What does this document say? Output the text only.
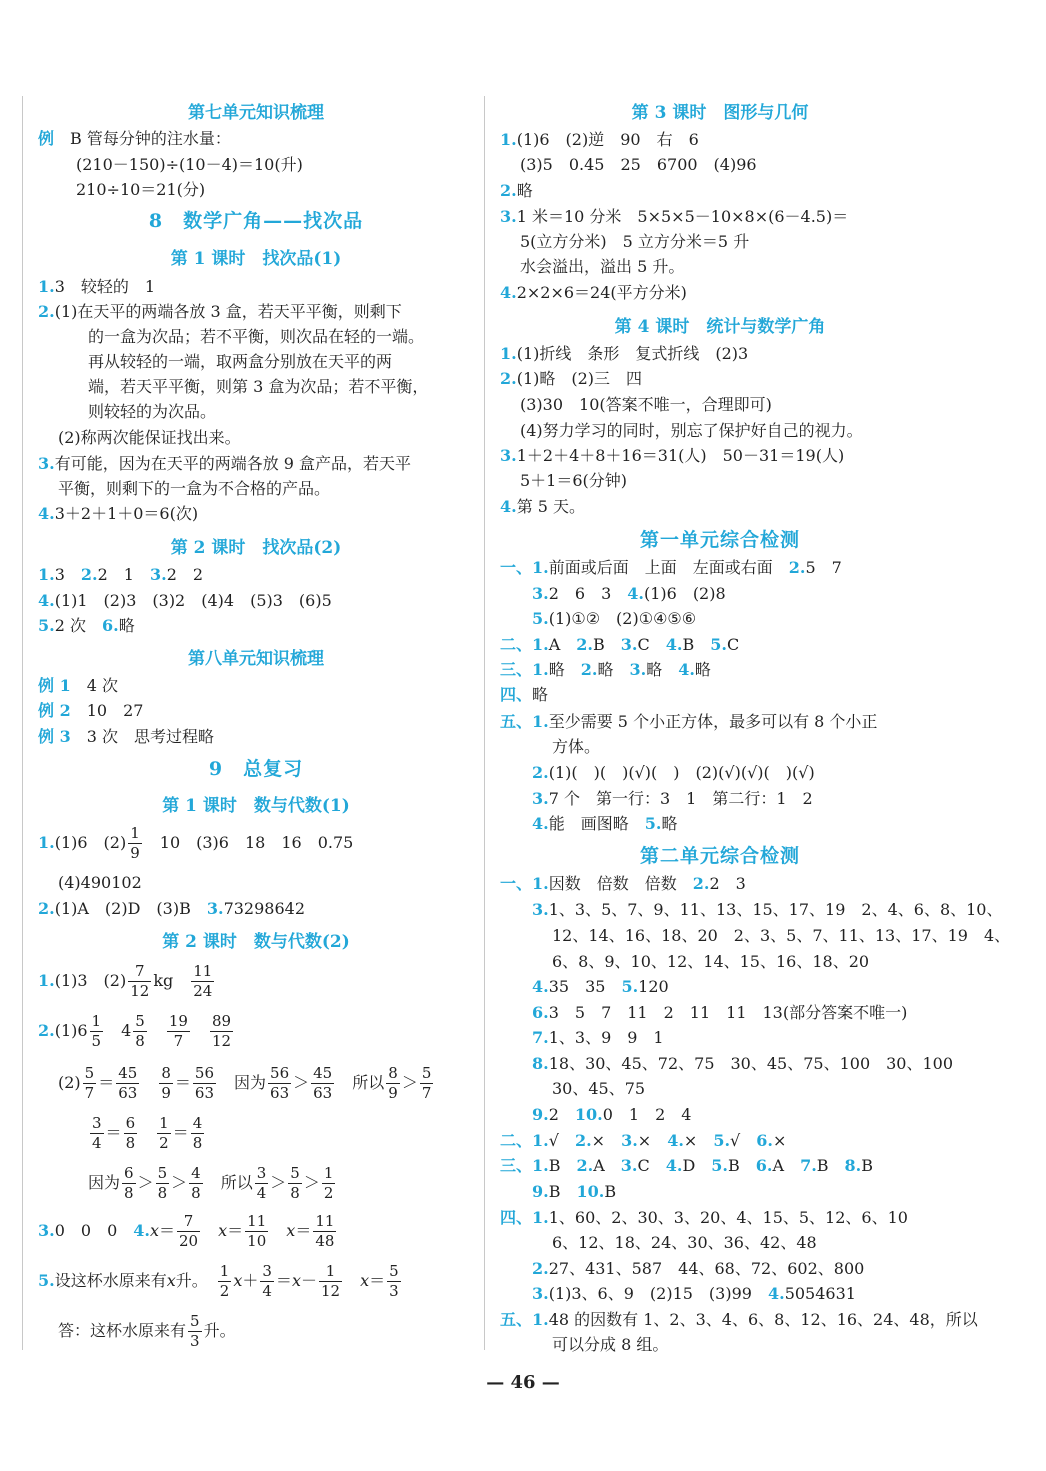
第七单元知识梳理
例　 B 管每分钟的注水量：
(210－150)÷(10－4)＝10(升)
210÷10＝21(分)
8　数学广角——找次品
第 1 课时　找次品(1)
1.3　较轻的　1
2.(1)在天平的两端各放 3 盒，若天平平衡，则剩下
的一盒为次品；若不平衡，则次品在轻的一端。
再从较轻的一端，取两盒分别放在天平的两
端，若天平平衡，则第 3 盒为次品；若不平衡，
则较轻的为次品。
(2)称两次能保证找出来。
3.有可能，因为在天平的两端各放 9 盒产品，若天平
平衡，则剩下的一盒为不合格的产品。
4.3＋2＋1＋0＝6(次)
第 2 课时　找次品(2)
1.3　 2.2　1　 3.2　2
4.(1)1　(2)3　(3)2　(4)4　(5)3　(6)5
5.2 次　 6.略
第八单元知识梳理
例 1　 4 次
例 2　 10　27
例 3　 3 次　思考过程略
9　总复习
第 1 课时　数与代数(1)
1.(1)6　$(2) \frac{1}{9}$ 　10　(3)6　18　16　0.75
(4)490102
2.(1)A　(2)D　(3)B　 3.73298642
第 2 课时　数与代数(2)
1.(1)3　$(2) \frac{7}{12}$ kg　 $\frac{11}{24}$
$2.(1)6 \frac{1}{5}$
　 $4 \frac{5}{8}$
　 $\frac{19}{7}$
　 $\frac{89}{12}$
$(2) \frac{5}{7} = \frac{45}{63}$
　 $\frac{8}{9} = \frac{56}{63}$
　 因为 $\frac{56}{63} > \frac{45}{63}$
　 所以 $\frac{8}{9} > \frac{5}{7}$
$\frac{3}{4} = \frac{6}{8}$
　 $\frac{1}{2} = \frac{4}{8}$
因为 $\frac{6}{8} > \frac{5}{8} > \frac{4}{8}$
　 所以 $\frac{3}{4} > \frac{5}{8} > \frac{1}{2}$
3.0　0　0　 $4.x= \frac{7}{20}$
　 $x= \frac{11}{10}$
　 $x= \frac{11}{48}$
5.设这杯水原来有x升。　 $\frac{1}{2} x+ \frac{3}{4} =x- \frac{1}{12}$
　 $x= \frac{5}{3}$
答：这杯水原来有 $\frac{5}{3}$ 升。
第 3 课时　图形与几何
1.(1)6　(2)逆　90　右　6
(3)5　0.45　25　6700　(4)96
2.略
3.1 米＝10 分米　5×5×5－10×8×(6－4.5)＝
5(立方分米)　5 立方分米＝5 升
水会溢出，溢出 5 升。
4.2×2×6＝24(平方分米)
第 4 课时　统计与数学广角
1.(1)折线　条形　复式折线　(2)3
2.(1)略　(2)三　四
(3)30　10(答案不唯一，合理即可)
(4)努力学习的同时，别忘了保护好自己的视力。
3.1＋2＋4＋8＋16＝31(人)　50－31＝19(人)
5＋1＝6(分钟)
4.第 5 天。
第一单元综合检测
一、1.前面或后面　上面　左面或右面　 2.5　7
3.2　6　3　 4.(1)6　(2)8
5.(1)①②　(2)①④⑤⑥
二、1.A　 2.B　 3.C　 4.B　 5.C
三、1.略　 2.略　 3.略　 4.略
四、略
五、1.至少需要 5 个小正方体，最多可以有 8 个小正
方体。
2.(1)(　)(　)(√)(　)　(2)(√)(√)(　)(√)
3.7 个　第一行：3　1　第二行：1　2
4.能　画图略　 5.略
第二单元综合检测
一、1.因数　倍数　倍数　 2.2　3
3.1、3、5、7、9、11、13、15、17、19　2、4、6、8、10、
12、14、16、18、20　2、3、5、7、11、13、17、19　4、
6、8、9、10、12、14、15、16、18、20
4.35　35　 5.120
6.3　5　7　11　2　11　11　13(部分答案不唯一)
7.1、3、9　9　1
8.18、30、45、72、75　30、45、75、100　30、100
30、45、75
9.2　 10.0　1　2　4
二、1.√　 2.×　 3.×　 4.×　 5.√　 6.×
三、1.B　 2.A　 3.C　 4.D　 5.B　 6.A　 7.B　 8.B
9.B　 10.B
四、1.1、60、2、30、3、20、4、15、5、12、6、10
6、12、18、24、30、36、42、48
2.27、431、587　44、68、72、602、800
3.(1)3、6、9　(2)15　(3)99　 4.5054631
五、1.48 的因数有 1、2、3、4、6、8、12、16、24、48，所以
可以分成 8 组。
— 46 —
